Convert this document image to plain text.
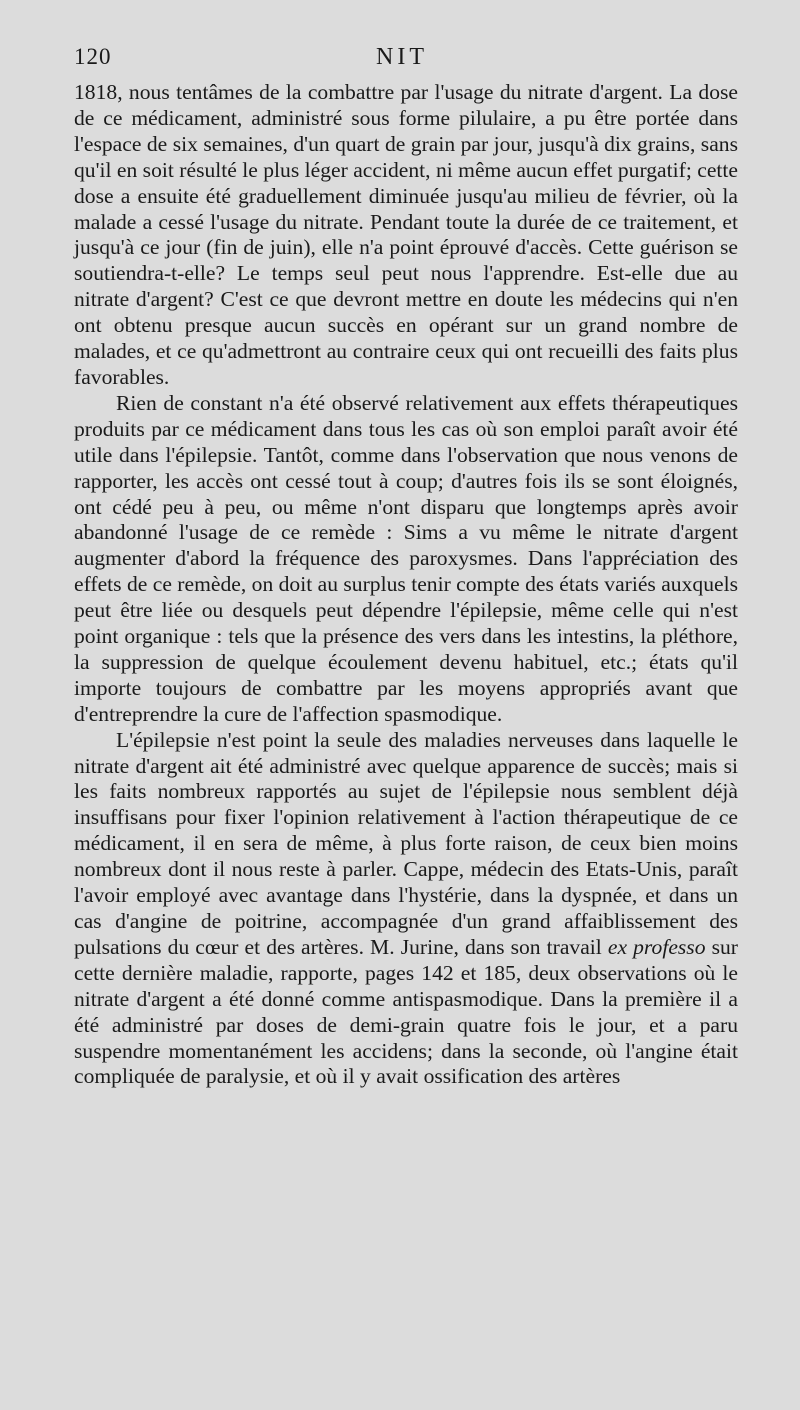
120	NIT

1818, nous tentâmes de la combattre par l'usage du nitrate d'argent. La dose de ce médicament, administré sous forme pilulaire, a pu être portée dans l'espace de six semaines, d'un quart de grain par jour, jusqu'à dix grains, sans qu'il en soit résulté le plus léger accident, ni même aucun effet purgatif; cette dose a ensuite été graduellement diminuée jusqu'au milieu de février, où la malade a cessé l'usage du nitrate. Pendant toute la durée de ce traitement, et jusqu'à ce jour (fin de juin), elle n'a point éprouvé d'accès. Cette guérison se soutiendra-t-elle? Le temps seul peut nous l'apprendre. Est-elle due au nitrate d'argent? C'est ce que devront mettre en doute les médecins qui n'en ont obtenu presque aucun succès en opérant sur un grand nombre de malades, et ce qu'admettront au contraire ceux qui ont recueilli des faits plus favorables.

Rien de constant n'a été observé relativement aux effets thérapeutiques produits par ce médicament dans tous les cas où son emploi paraît avoir été utile dans l'épilepsie. Tantôt, comme dans l'observation que nous venons de rapporter, les accès ont cessé tout à coup; d'autres fois ils se sont éloignés, ont cédé peu à peu, ou même n'ont disparu que longtemps après avoir abandonné l'usage de ce remède : Sims a vu même le nitrate d'argent augmenter d'abord la fréquence des paroxysmes. Dans l'appréciation des effets de ce remède, on doit au surplus tenir compte des états variés auxquels peut être liée ou desquels peut dépendre l'épilepsie, même celle qui n'est point organique : tels que la présence des vers dans les intestins, la pléthore, la suppression de quelque écoulement devenu habituel, etc.; états qu'il importe toujours de combattre par les moyens appropriés avant que d'entreprendre la cure de l'affection spasmodique.

L'épilepsie n'est point la seule des maladies nerveuses dans laquelle le nitrate d'argent ait été administré avec quelque apparence de succès; mais si les faits nombreux rapportés au sujet de l'épilepsie nous semblent déjà insuffisans pour fixer l'opinion relativement à l'action thérapeutique de ce médicament, il en sera de même, à plus forte raison, de ceux bien moins nombreux dont il nous reste à parler. Cappe, médecin des Etats-Unis, paraît l'avoir employé avec avantage dans l'hystérie, dans la dyspnée, et dans un cas d'angine de poitrine, accompagnée d'un grand affaiblissement des pulsations du cœur et des artères. M. Jurine, dans son travail ex professo sur cette dernière maladie, rapporte, pages 142 et 185, deux observations où le nitrate d'argent a été donné comme antispasmodique. Dans la première il a été administré par doses de demi-grain quatre fois le jour, et a paru suspendre momentanément les accidens; dans la seconde, où l'angine était compliquée de paralysie, et où il y avait ossification des artères
